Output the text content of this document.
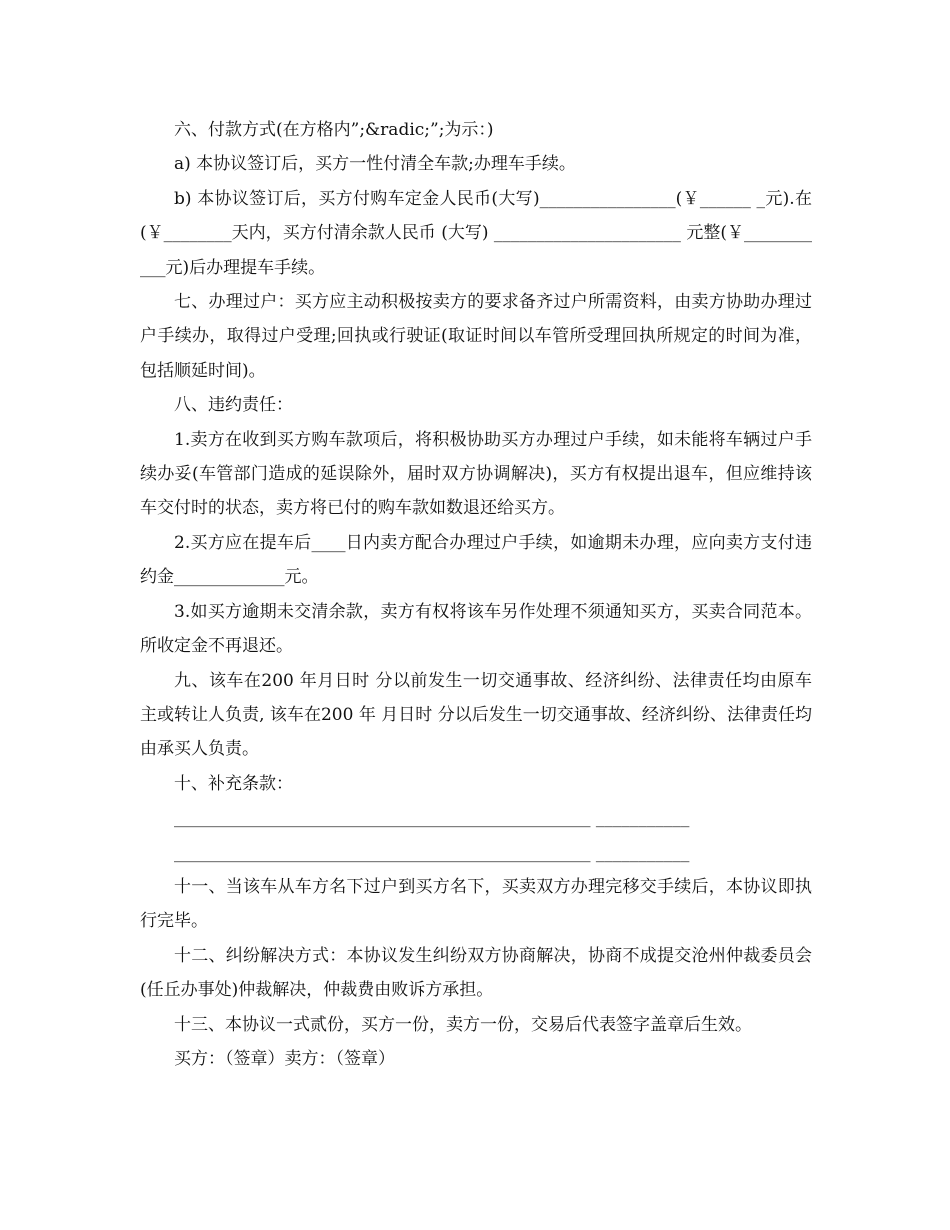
六、付款方式(在方格内”;&radic;”;为示：)

a) 本协议签订后，买方一性付清全车款;办理车手续。

b) 本协议签订后，买方付购车定金人民币(大写)________________(￥______ _元).在(￥________天内，买方付清余款人民币 (大写) ______________________ 元整(￥___________元)后办理提车手续。

七、办理过户：买方应主动积极按卖方的要求备齐过户所需资料，由卖方协助办理过户手续办，取得过户受理;回执或行驶证(取证时间以车管所受理回执所规定的时间为准，包括顺延时间)。

八、违约责任：

1.卖方在收到买方购车款项后，将积极协助买方办理过户手续，如未能将车辆过户手续办妥(车管部门造成的延误除外，届时双方协调解决)，买方有权提出退车，但应维持该车交付时的状态，卖方将已付的购车款如数退还给买方。

2.买方应在提车后____日内卖方配合办理过户手续，如逾期未办理，应向卖方支付违约金_____________元。

3.如买方逾期未交清余款，卖方有权将该车另作处理不须通知买方，买卖合同范本。所收定金不再退还。

九、该车在200 年月日时 分以前发生一切交通事故、经济纠纷、法律责任均由原车主或转让人负责, 该车在200 年 月日时 分以后发生一切交通事故、经济纠纷、法律责任均由承买人负责。

十、补充条款：

_________________________________________________ ___________

_________________________________________________ ___________

十一、当该车从车方名下过户到买方名下，买卖双方办理完移交手续后，本协议即执行完毕。

十二、纠纷解决方式：本协议发生纠纷双方协商解决，协商不成提交沧州仲裁委员会(任丘办事处)仲裁解决，仲裁费由败诉方承担。

十三、本协议一式贰份，买方一份，卖方一份，交易后代表签字盖章后生效。

买方：（签章）卖方：（签章）
